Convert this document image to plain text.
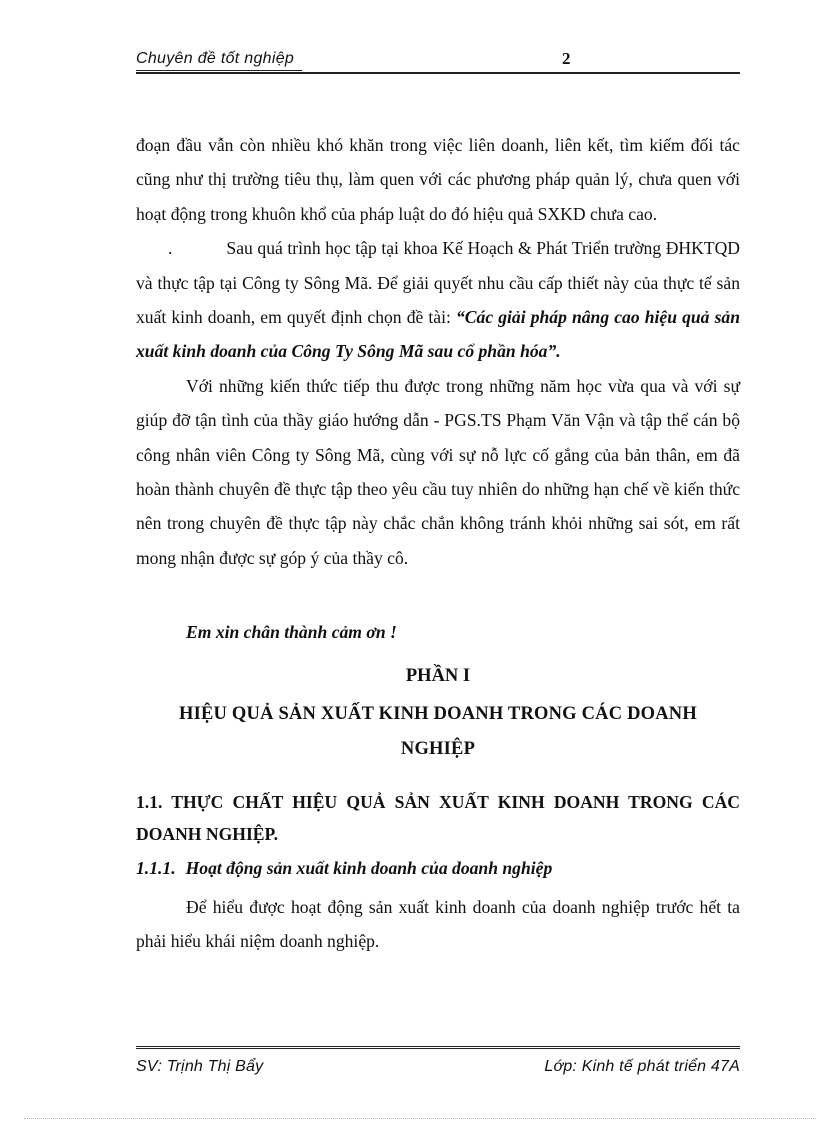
Chuyên đề tốt nghiệp	2

đoạn đầu vẫn còn nhiều khó khăn trong việc liên doanh, liên kết, tìm kiếm đối tác cũng như thị trường tiêu thụ, làm quen với các phương pháp quản lý, chưa quen với hoạt động trong khuôn khổ của pháp luật do đó hiệu quả SXKD chưa cao.

.	Sau quá trình học tập tại khoa Kế Hoạch & Phát Triển trường ĐHKTQD và thực tập tại Công ty Sông Mã. Để giải quyết nhu cầu cấp thiết này của thực tế sản xuất kinh doanh, em quyết định chọn đề tài: “Các giải pháp nâng cao hiệu quả sản xuất kinh doanh của Công Ty Sông Mã sau cổ phần hóa”.

Với những kiến thức tiếp thu được trong những năm học vừa qua và với sự giúp đỡ tận tình của thầy giáo hướng dẫn - PGS.TS Phạm Văn Vận và tập thể cán bộ công nhân viên Công ty Sông Mã, cùng với sự nỗ lực cố gắng của bản thân, em đã hoàn thành chuyên đề thực tập theo yêu cầu tuy nhiên do những hạn chế về kiến thức nên trong chuyên đề thực tập này chắc chắn không tránh khỏi những sai sót, em rất mong nhận được sự góp ý của thầy cô.

Em xin chân thành cảm ơn !
PHẦN I
HIỆU QUẢ SẢN XUẤT KINH DOANH TRONG CÁC DOANH NGHIỆP
1.1. THỰC CHẤT HIỆU QUẢ SẢN XUẤT KINH DOANH TRONG CÁC DOANH NGHIỆP.
1.1.1. Hoạt động sản xuất kinh doanh của doanh nghiệp

Để hiểu được hoạt động sản xuất kinh doanh của doanh nghiệp trước hết ta phải hiểu khái niệm doanh nghiệp.

SV: Trịnh Thị Bẩy	Lớp: Kinh tế phát triển 47A
